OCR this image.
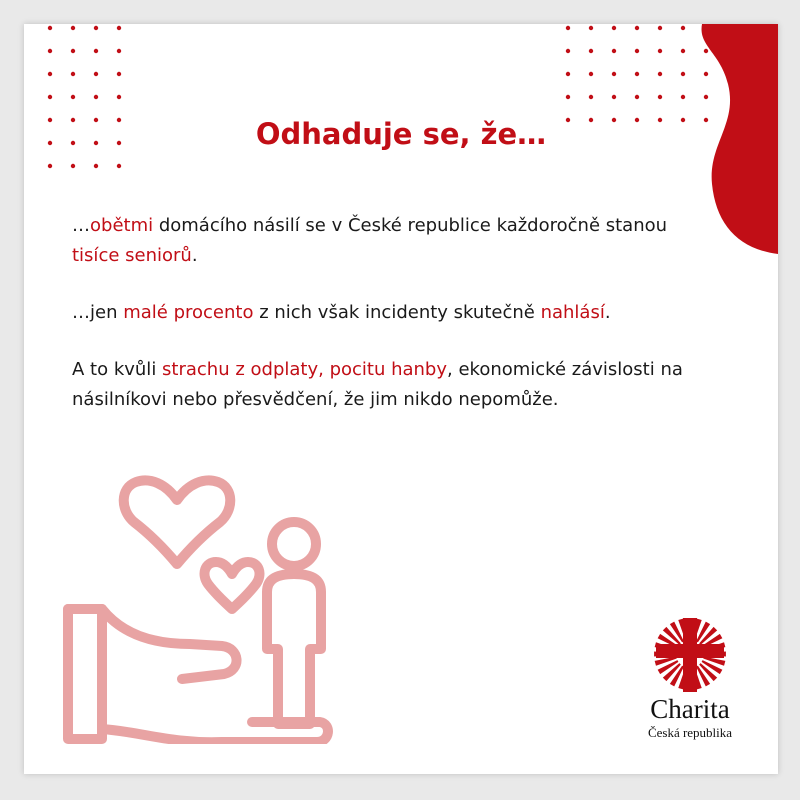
Odhaduje se, že…

…obětmi domácího násilí se v České republice každoročně stanou tisíce seniorů.

…jen malé procento z nich však incidenty skutečně nahlásí.

A to kvůli strachu z odplaty, pocitu hanby, ekonomické závislosti na násilníkovi nebo přesvědčení, že jim nikdo nepomůže.

Charita
Česká republika
